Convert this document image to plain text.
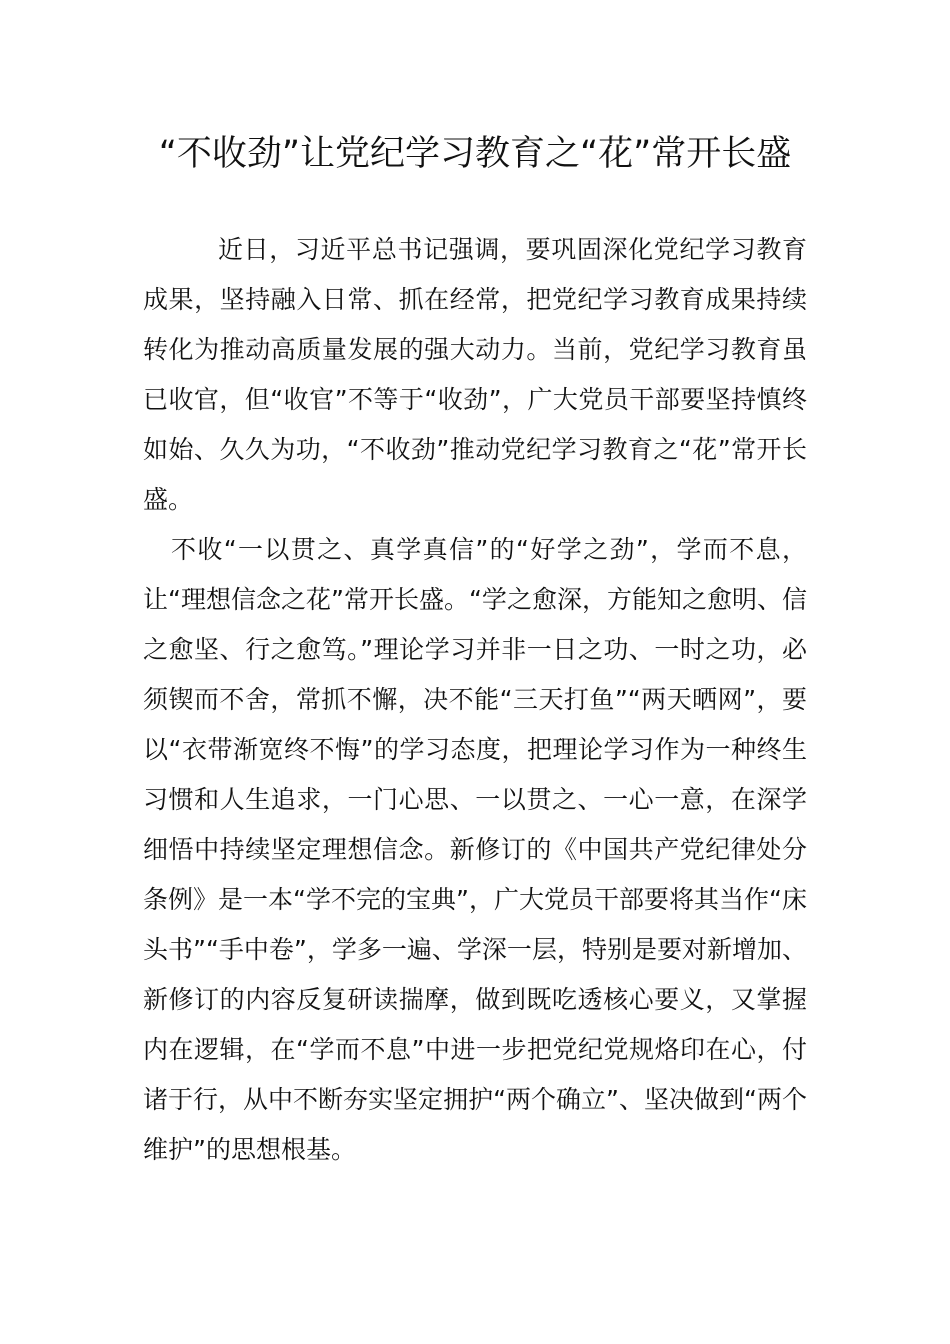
“不收劲”让党纪学习教育之“花”常开长盛

近日，习近平总书记强调，要巩固深化党纪学习教育成果，坚持融入日常、抓在经常，把党纪学习教育成果持续转化为推动高质量发展的强大动力。当前，党纪学习教育虽已收官，但“收官”不等于“收劲”，广大党员干部要坚持慎终如始、久久为功，“不收劲”推动党纪学习教育之“花”常开长盛。

不收“一以贯之、真学真信”的“好学之劲”，学而不息，让“理想信念之花”常开长盛。“学之愈深，方能知之愈明、信之愈坚、行之愈笃。”理论学习并非一日之功、一时之功，必须锲而不舍，常抓不懈，决不能“三天打鱼”“两天晒网”，要以“衣带渐宽终不悔”的学习态度，把理论学习作为一种终生习惯和人生追求，一门心思、一以贯之、一心一意，在深学细悟中持续坚定理想信念。新修订的《中国共产党纪律处分条例》是一本“学不完的宝典”，广大党员干部要将其当作“床头书”“手中卷”，学多一遍、学深一层，特别是要对新增加、新修订的内容反复研读揣摩，做到既吃透核心要义，又掌握内在逻辑，在“学而不息”中进一步把党纪党规烙印在心，付诸于行，从中不断夯实坚定拥护“两个确立”、坚决做到“两个维护”的思想根基。
